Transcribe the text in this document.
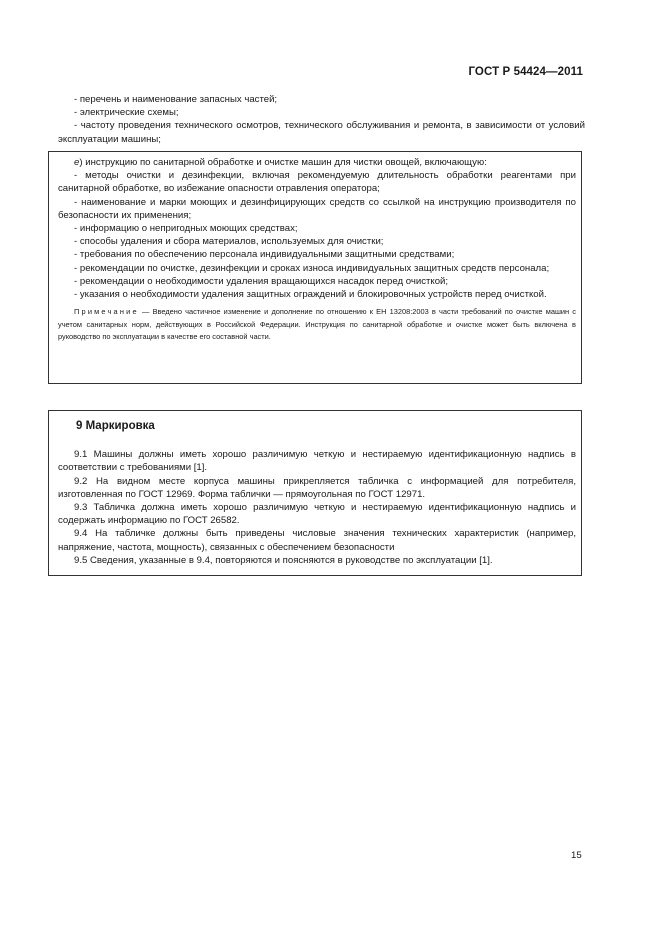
ГОСТ Р 54424—2011

- перечень и наименование запасных частей;

- электрические схемы;

- частоту проведения технического осмотров, технического обслуживания и ремонта, в зависимости от условий эксплуатации машины;

е) инструкцию по санитарной обработке и очистке машин для чистки овощей, включающую:

- методы очистки и дезинфекции, включая рекомендуемую длительность обработки реагентами при санитарной обработке, во избежание опасности отравления оператора;

- наименование и марки моющих и дезинфицирующих средств со ссылкой на инструкцию производителя по безопасности их применения;

- информацию о непригодных моющих средствах;

- способы удаления и сбора материалов, используемых для очистки;

- требования по обеспечению персонала индивидуальными защитными средствами;

- рекомендации по очистке, дезинфекции и сроках износа индивидуальных защитных средств персонала;

- рекомендации о необходимости удаления вращающихся насадок перед очисткой;

- указания о необходимости удаления защитных ограждений и блокировочных устройств перед очисткой.

Примечание — Введено частичное изменение и дополнение по отношению к ЕН 13208:2003 в части требований по очистке машин с учетом санитарных норм, действующих в Российской Федерации. Инструкция по санитарной обработке и очистке может быть включена в руководство по эксплуатации в качестве его составной части.

9 Маркировка

9.1 Машины должны иметь хорошо различимую четкую и нестираемую идентификационную надпись в соответствии с требованиями [1].

9.2 На видном месте корпуса машины прикрепляется табличка с информацией для потребителя, изготовленная по ГОСТ 12969. Форма таблички — прямоугольная по ГОСТ 12971.

9.3 Табличка должна иметь хорошо различимую четкую и нестираемую идентификационную надпись и содержать информацию по ГОСТ 26582.

9.4 На табличке должны быть приведены числовые значения технических характеристик (например, напряжение, частота, мощность), связанных с обеспечением безопасности

9.5 Сведения, указанные в 9.4, повторяются и поясняются в руководстве по эксплуатации [1].

15
